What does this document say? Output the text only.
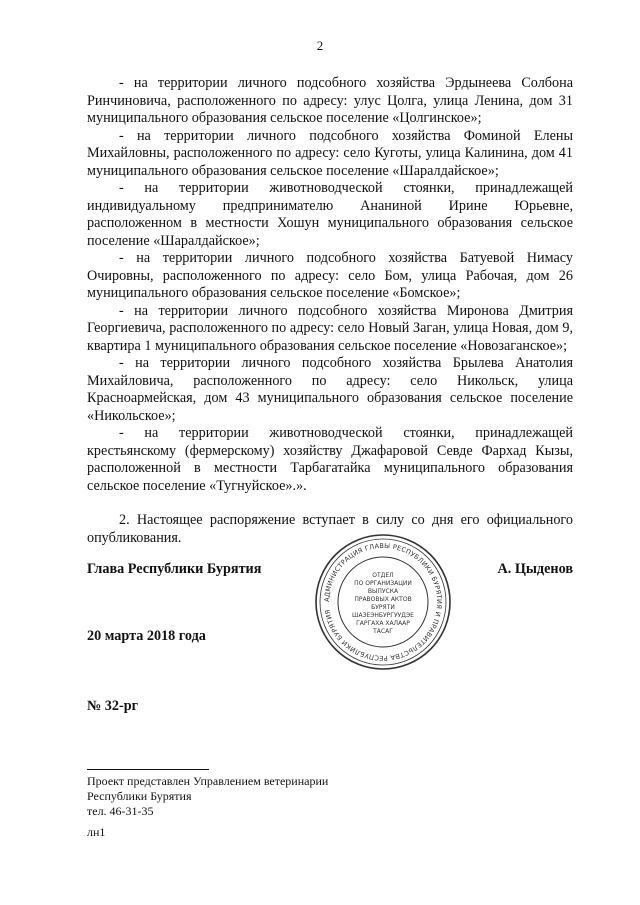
2

- на территории личного подсобного хозяйства Эрдынеева Солбона Ринчиновича, расположенного по адресу: улус Цолга, улица Ленина, дом 31 муниципального образования сельское поселение «Цолгинское»;

- на территории личного подсобного хозяйства Фоминой Елены Михайловны, расположенного по адресу: село Куготы, улица Калинина, дом 41 муниципального образования сельское поселение «Шаралдайское»;

- на территории животноводческой стоянки, принадлежащей индивидуальному предпринимателю Ананиной Ирине Юрьевне, расположенном в местности Хошун муниципального образования сельское поселение «Шаралдайское»;

- на территории личного подсобного хозяйства Батуевой Нимасу Очировны, расположенного по адресу: село Бом, улица Рабочая, дом 26 муниципального образования сельское поселение «Бомское»;

- на территории личного подсобного хозяйства Миронова Дмитрия Георгиевича, расположенного по адресу: село Новый Заган, улица Новая, дом 9, квартира 1 муниципального образования сельское поселение «Новозаганское»;

- на территории личного подсобного хозяйства Брылева Анатолия Михайловича, расположенного по адресу: село Никольск, улица Красноармейская, дом 43 муниципального образования сельское поселение «Никольское»;

- на территории животноводческой стоянки, принадлежащей крестьянскому (фермерскому) хозяйству Джафаровой Севде Фархад Кызы, расположенной в местности Тарбагатайка муниципального образования сельское поселение «Тугнуйское».».

2. Настоящее распоряжение вступает в силу со дня его официального опубликования.

Глава Республики Бурятия	А. Цыденов
АДМИНИСТРАЦИЯ ГЛАВЫ РЕСПУБЛИКИ БУРЯТИЯ И ПРАВИТЕЛЬСТВА РЕСПУБЛИКИ БУРЯТИЯ
ОТДЕЛ
ПО ОРГАНИЗАЦИИ
ВЫПУСКА
ПРАВОВЫХ АКТОВ
БУРЯТИ
ШАЗЕЭНБУРГУУДЭЕ
ГАРГАХА ХАЛААР
ТАСАГ
20 марта 2018 года
№ 32-рг
Проект представлен Управлением ветеринарии
Республики Бурятия
тел. 46-31-35
лн1
